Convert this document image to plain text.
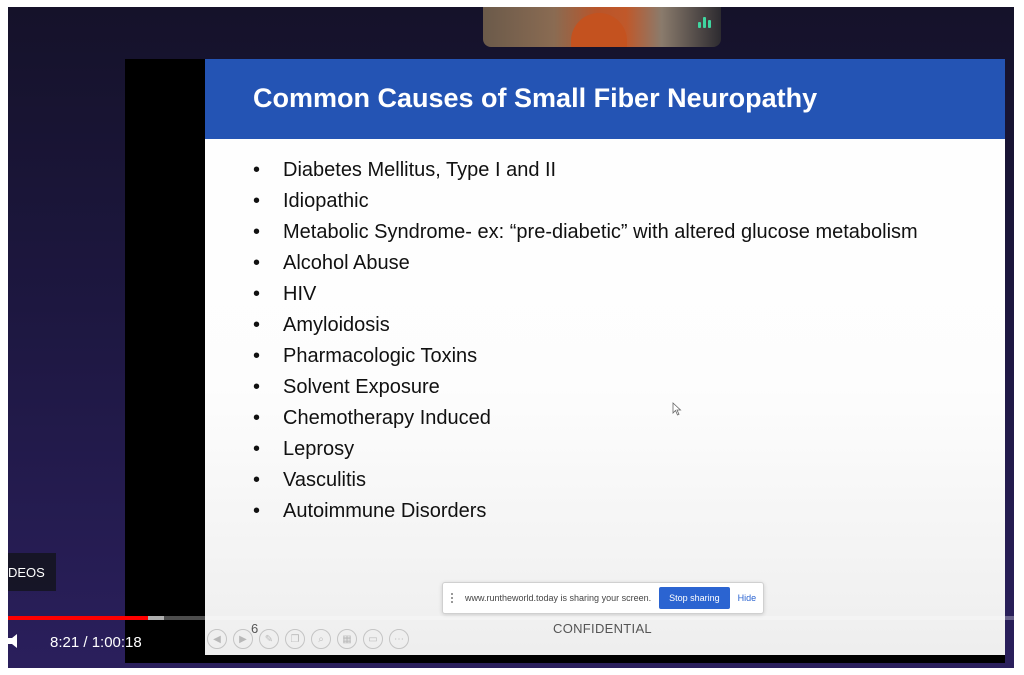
Common Causes of Small Fiber Neuropathy
• Diabetes Mellitus, Type I and II
• Idiopathic
• Metabolic Syndrome- ex: “pre-diabetic” with altered glucose metabolism
• Alcohol Abuse
• HIV
• Amyloidosis
• Pharmacologic Toxins
• Solvent Exposure
• Chemotherapy Induced
• Leprosy
• Vasculitis
• Autoimmune Disorders
◀	▶	✎	❐	⌕	▦	▭	⋯
6	CONFIDENTIAL
www.runtheworld.today is sharing your screen.	Stop sharing	Hide
DEOS
8:21 / 1:00:18
